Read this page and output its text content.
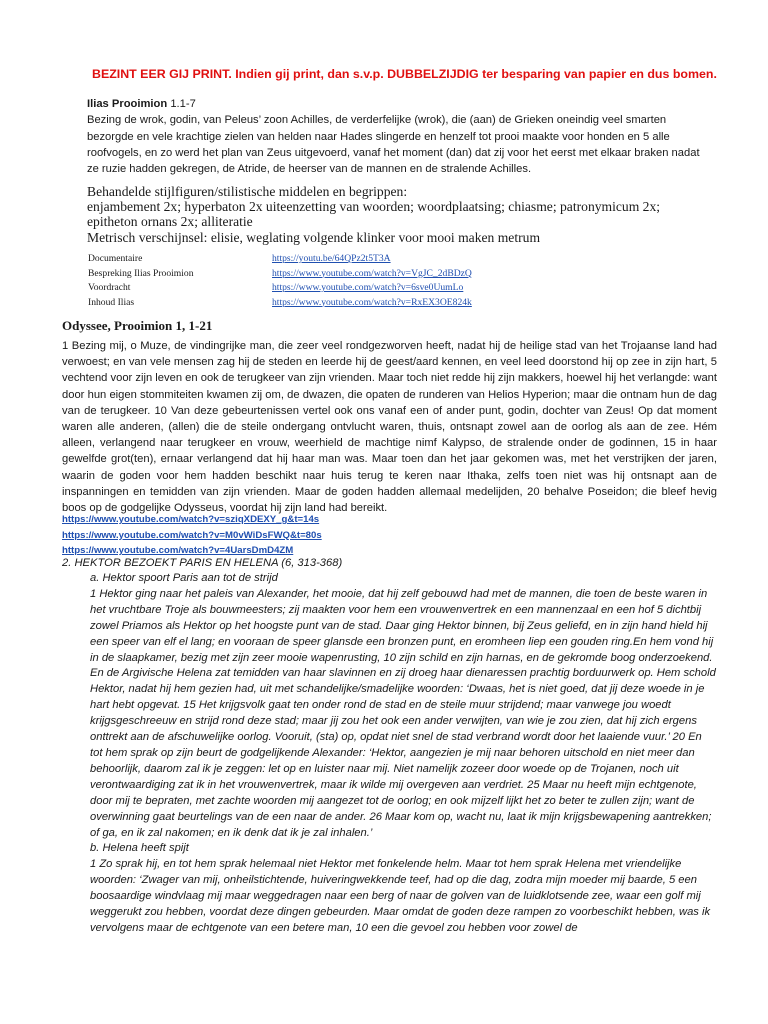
BEZINT EER GIJ PRINT. Indien gij print, dan s.v.p. DUBBELZIJDIG ter besparing van papier en dus bomen.
Ilias Prooimion 1.1-7
Bezing de wrok, godin, van Peleus’ zoon Achilles, de verderfelijke (wrok), die (aan) de Grieken oneindig veel smarten bezorgde en vele krachtige zielen van helden naar Hades slingerde en henzelf tot prooi maakte voor honden en 5 alle roofvogels, en zo werd het plan van Zeus uitgevoerd, vanaf het moment (dan) dat zij voor het eerst met elkaar braken nadat ze ruzie hadden gekregen, de Atride, de heerser van de mannen en de stralende Achilles.
Behandelde stijlfiguren/stilistische middelen en begrippen:
enjambement 2x; hyperbaton 2x uiteenzetting van woorden; woordplaatsing; chiasme; patronymicum 2x; epitheton ornans 2x; alliteratie
Metrisch verschijnsel: elisie, weglating volgende klinker voor mooi maken metrum
Documentaire	https://youtu.be/64QPz2t5T3A
Bespreking Ilias Prooimion	https://www.youtube.com/watch?v=VgJC_2dBDzQ
Voordracht	https://www.youtube.com/watch?v=6sve0UumLo
Inhoud Ilias	https://www.youtube.com/watch?v=RxEX3OE824k
Odyssee, Prooimion 1, 1-21
1 Bezing mij, o Muze, de vindingrijke man, die zeer veel rondgezworven heeft, nadat hij de heilige stad van het Trojaanse land had verwoest; en van vele mensen zag hij de steden en leerde hij de geest/aard kennen, en veel leed doorstond hij op zee in zijn hart, 5 vechtend voor zijn leven en ook de terugkeer van zijn vrienden. Maar toch niet redde hij zijn makkers, hoewel hij het verlangde: want door hun eigen stommiteiten kwamen zij om, de dwazen, die opaten de runderen van Helios Hyperion; maar die ontnam hun de dag van de terugkeer. 10 Van deze gebeurtenissen vertel ook ons vanaf een of ander punt, godin, dochter van Zeus! Op dat moment waren alle anderen, (allen) die de steile ondergang ontvlucht waren, thuis, ontsnapt zowel aan de oorlog als aan de zee. Hém alleen, verlangend naar terugkeer en vrouw, weerhield de machtige nimf Kalypso, de stralende onder de godinnen, 15 in haar gewelfde grot(ten), ernaar verlangend dat hij haar man was. Maar toen dan het jaar gekomen was, met het verstrijken der jaren, waarin de goden voor hem hadden beschikt naar huis terug te keren naar Ithaka, zelfs toen niet was hij ontsnapt aan de inspanningen en temidden van zijn vrienden. Maar de goden hadden allemaal medelijden, 20 behalve Poseidon; die bleef hevig boos op de godgelijke Odysseus, voordat hij zijn land had bereikt.
https://www.youtube.com/watch?v=sziqXDEXY_g&t=14s
https://www.youtube.com/watch?v=M0vWiDsFWQ&t=80s
https://www.youtube.com/watch?v=4UarsDmD4ZM
2. HEKTOR BEZOEKT PARIS EN HELENA (6, 313-368)
a. Hektor spoort Paris aan tot de strijd
1 Hektor ging naar het paleis van Alexander, het mooie, dat hij zelf gebouwd had met de mannen, die toen de beste waren in het vruchtbare Troje als bouwmeesters; zij maakten voor hem een vrouwenvertrek en een mannenzaal en een hof 5 dichtbij zowel Priamos als Hektor op het hoogste punt van de stad. Daar ging Hektor binnen, bij Zeus geliefd, en in zijn hand hield hij een speer van elf el lang; en vooraan de speer glansde een bronzen punt, en eromheen liep een gouden ring.En hem vond hij in de slaapkamer, bezig met zijn zeer mooie wapenrusting, 10 zijn schild en zijn harnas, en de gekromde boog onderzoekend. En de Argivische Helena zat temidden van haar slavinnen en zij droeg haar dienaressen prachtig borduurwerk op. Hem schold Hektor, nadat hij hem gezien had, uit met schandelijke/smadelijke woorden: ‘Dwaas, het is niet goed, dat jij deze woede in je hart hebt opgevat. 15 Het krijgsvolk gaat ten onder rond de stad en de steile muur strijdend; maar vanwege jou woedt krijgsgeschreeuw en strijd rond deze stad; maar jij zou het ook een ander verwijten, van wie je zou zien, dat hij zich ergens onttrekt aan de afschuwelijke oorlog. Vooruit, (sta) op, opdat niet snel de stad verbrand wordt door het laaiende vuur.’ 20 En tot hem sprak op zijn beurt de godgelijkende Alexander: ‘Hektor, aangezien je mij naar behoren uitschold en niet meer dan behoorlijk, daarom zal ik je zeggen: let op en luister naar mij. Niet namelijk zozeer door woede op de Trojanen, noch uit verontwaardiging zat ik in het vrouwenvertrek, maar ik wilde mij overgeven aan verdriet. 25 Maar nu heeft mijn echtgenote, door mij te bepraten, met zachte woorden mij aangezet tot de oorlog; en ook mijzelf lijkt het zo beter te zullen zijn; want de overwinning gaat beurtelings van de een naar de ander. 26 Maar kom op, wacht nu, laat ik mijn krijgsbewapening aantrekken; of ga, en ik zal nakomen; en ik denk dat ik je zal inhalen.’
b. Helena heeft spijt
1 Zo sprak hij, en tot hem sprak helemaal niet Hektor met fonkelende helm. Maar tot hem sprak Helena met vriendelijke woorden: ‘Zwager van mij, onheilstichtende, huiveringwekkende teef, had op die dag, zodra mijn moeder mij baarde, 5 een boosaardige windvlaag mij maar weggedragen naar een berg of naar de golven van de luidklotsende zee, waar een golf mij weggerukt zou hebben, voordat deze dingen gebeurden. Maar omdat de goden deze rampen zo voorbeschikt hebben, was ik vervolgens maar de echtgenote van een betere man, 10 een die gevoel zou hebben voor zowel de
